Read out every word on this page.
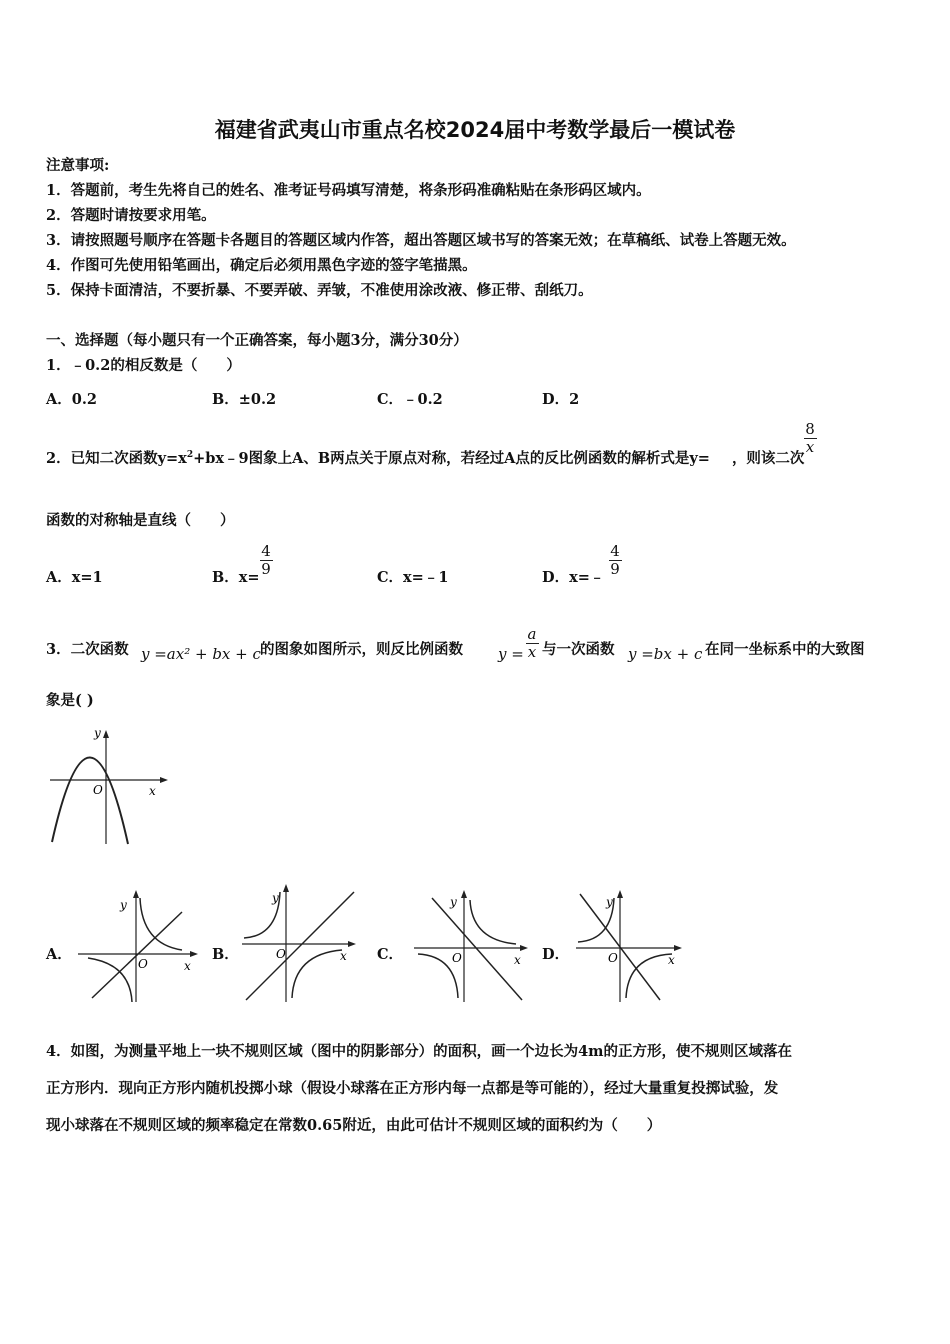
福建省武夷山市重点名校2024届中考数学最后一模试卷
注意事项:
1．答题前，考生先将自己的姓名、准考证号码填写清楚，将条形码准确粘贴在条形码区域内。
2．答题时请按要求用笔。
3．请按照题号顺序在答题卡各题目的答题区域内作答，超出答题区域书写的答案无效；在草稿纸、试卷上答题无效。
4．作图可先使用铅笔画出，确定后必须用黑色字迹的签字笔描黑。
5．保持卡面清洁，不要折暴、不要弄破、弄皱，不准使用涂改液、修正带、刮纸刀。
一、选择题（每小题只有一个正确答案，每小题3分，满分30分）
1．﹣0.2的相反数是（　　）
A．0.2	B．±0.2	C．﹣0.2	D．2
2．已知二次函数$y=x^2+bx﹣9$图象上A、B两点关于原点对称，若经过A点的反比例函数的解析式是y= ，则该二次
8
x
函数的对称轴是直线（　　）
A．x=1	B．x=
4
9	C．x=﹣1	D．x=﹣
4
9
3．二次函数 y =ax² + bx + c 的图象如图所示，则反比例函数 y =
a
x 与一次函数 y =bx + c 在同一坐标系中的大致图
象是( )
y
x
O
A．
y
x
O
B．
y
x
O	C．
y
x
O	D．
y
x
O
4．如图，为测量平地上一块不规则区域（图中的阴影部分）的面积，画一个边长为4m的正方形，使不规则区域落在
正方形内．现向正方形内随机投掷小球（假设小球落在正方形内每一点都是等可能的），经过大量重复投掷试验，发
现小球落在不规则区域的频率稳定在常数0.65附近，由此可估计不规则区域的面积约为（　　）
